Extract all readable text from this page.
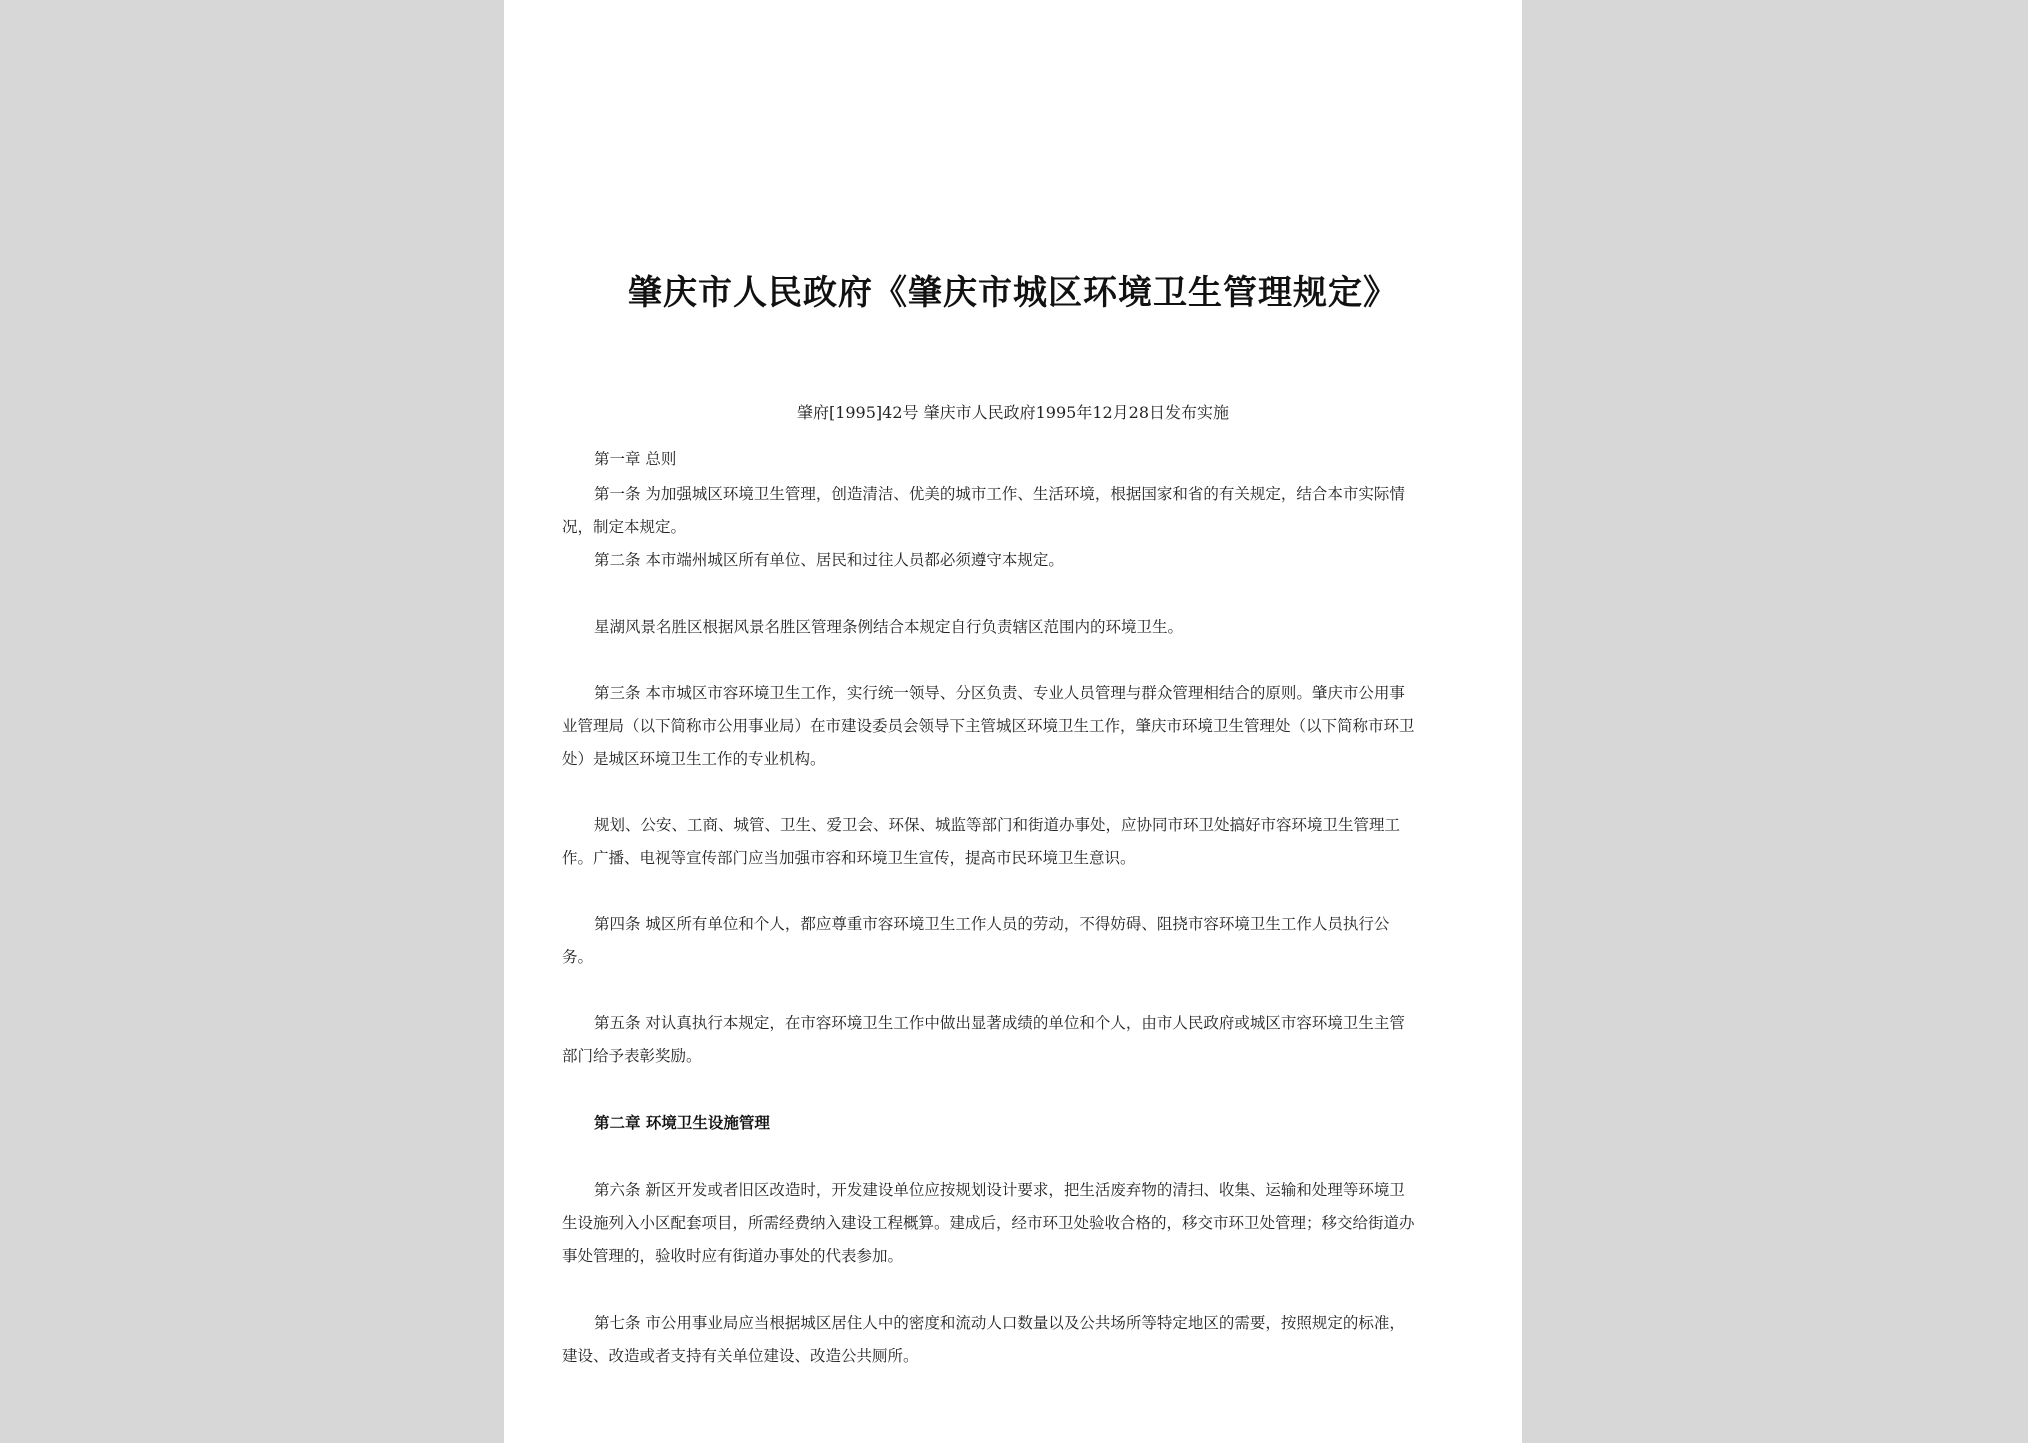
肇庆市人民政府《肇庆市城区环境卫生管理规定》
肇府[1995]42号 肇庆市人民政府1995年12月28日发布实施
第一章 总则
第一条 为加强城区环境卫生管理，创造清洁、优美的城市工作、生活环境，根据国家和省的有关规定，结合本市实际情
况，制定本规定。
第二条 本市端州城区所有单位、居民和过往人员都必须遵守本规定。
星湖风景名胜区根据风景名胜区管理条例结合本规定自行负责辖区范围内的环境卫生。
第三条 本市城区市容环境卫生工作，实行统一领导、分区负责、专业人员管理与群众管理相结合的原则。肇庆市公用事
业管理局（以下简称市公用事业局）在市建设委员会领导下主管城区环境卫生工作，肇庆市环境卫生管理处（以下简称市环卫
处）是城区环境卫生工作的专业机构。
规划、公安、工商、城管、卫生、爱卫会、环保、城监等部门和街道办事处，应协同市环卫处搞好市容环境卫生管理工
作。广播、电视等宣传部门应当加强市容和环境卫生宣传，提高市民环境卫生意识。
第四条 城区所有单位和个人，都应尊重市容环境卫生工作人员的劳动，不得妨碍、阻挠市容环境卫生工作人员执行公
务。
第五条 对认真执行本规定，在市容环境卫生工作中做出显著成绩的单位和个人，由市人民政府或城区市容环境卫生主管
部门给予表彰奖励。
第二章 环境卫生设施管理
第六条 新区开发或者旧区改造时，开发建设单位应按规划设计要求，把生活废弃物的清扫、收集、运输和处理等环境卫
生设施列入小区配套项目，所需经费纳入建设工程概算。建成后，经市环卫处验收合格的，移交市环卫处管理；移交给街道办
事处管理的，验收时应有街道办事处的代表参加。
第七条 市公用事业局应当根据城区居住人中的密度和流动人口数量以及公共场所等特定地区的需要，按照规定的标准，
建设、改造或者支持有关单位建设、改造公共厕所。
